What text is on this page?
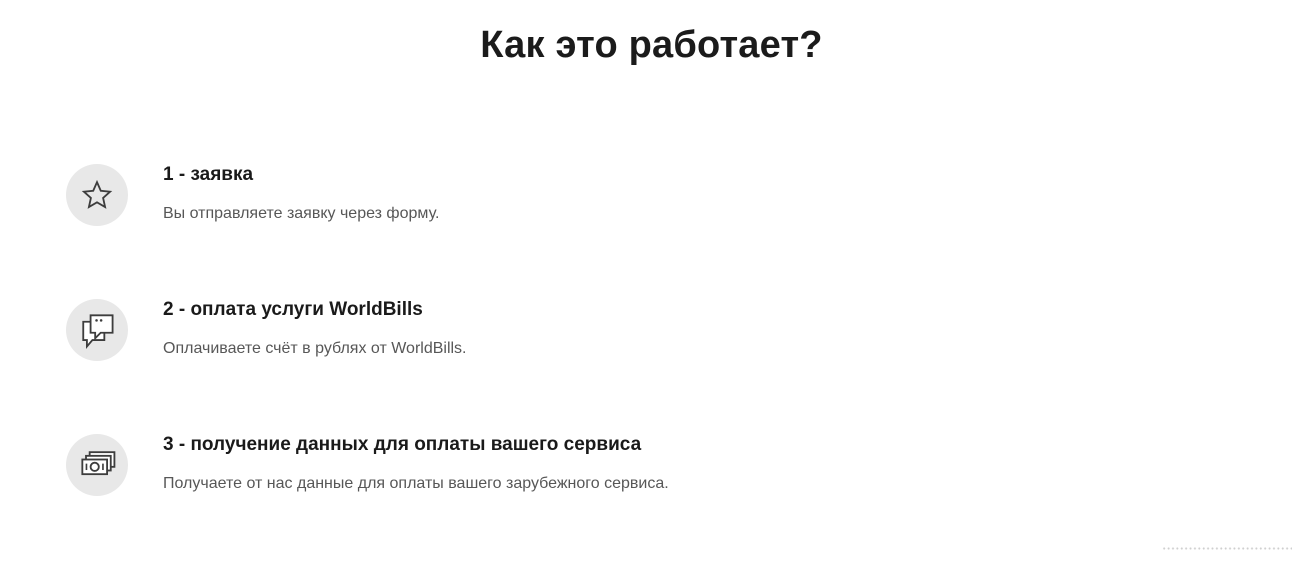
Как это работает?
1 - заявка
Вы отправляете заявку через форму.
2 - оплата услуги WorldBills
Оплачиваете счёт в рублях от WorldBills.
3 - получение данных для оплаты вашего сервиса
Получаете от нас данные для оплаты вашего зарубежного сервиса.
